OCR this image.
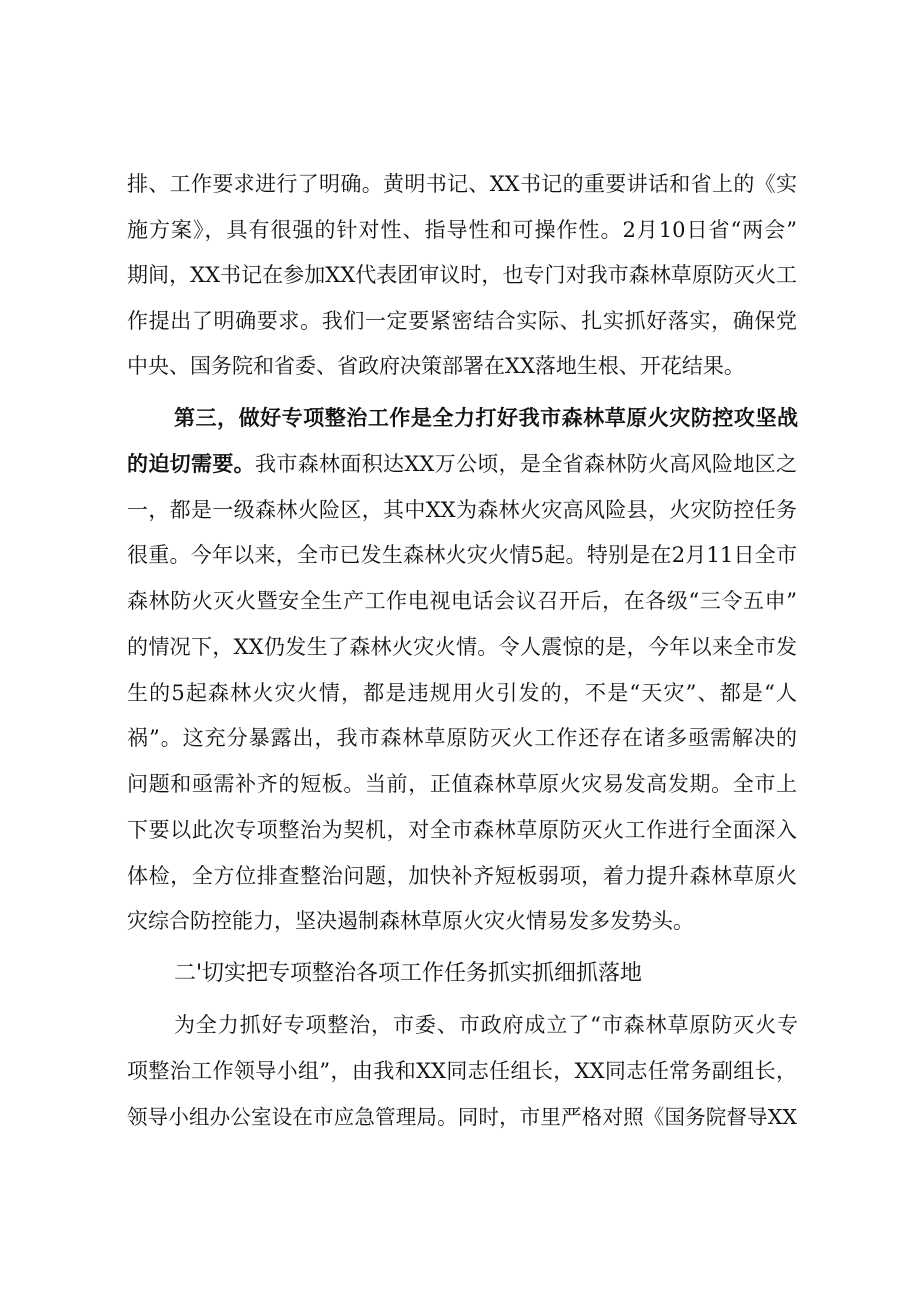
排、工作要求进行了明确。黄明书记、XX书记的重要讲话和省上的《实
施方案》，具有很强的针对性、指导性和可操作性。2月10日省“两会”
期间，XX书记在参加XX代表团审议时，也专门对我市森林草原防灭火工
作提出了明确要求。我们一定要紧密结合实际、扎实抓好落实，确保党
中央、国务院和省委、省政府决策部署在XX落地生根、开花结果。
第三，做好专项整治工作是全力打好我市森林草原火灾防控攻坚战
的迫切需要。我市森林面积达XX万公顷，是全省森林防火高风险地区之
一，都是一级森林火险区，其中XX为森林火灾高风险县，火灾防控任务
很重。今年以来，全市已发生森林火灾火情5起。特别是在2月11日全市
森林防火灭火暨安全生产工作电视电话会议召开后，在各级“三令五申”
的情况下，XX仍发生了森林火灾火情。令人震惊的是，今年以来全市发
生的5起森林火灾火情，都是违规用火引发的，不是“天灾”、都是“人
祸”。这充分暴露出，我市森林草原防灭火工作还存在诸多亟需解决的
问题和亟需补齐的短板。当前，正值森林草原火灾易发高发期。全市上
下要以此次专项整治为契机，对全市森林草原防灭火工作进行全面深入
体检，全方位排查整治问题，加快补齐短板弱项，着力提升森林草原火
灾综合防控能力，坚决遏制森林草原火灾火情易发多发势头。
二'切实把专项整治各项工作任务抓实抓细抓落地
为全力抓好专项整治，市委、市政府成立了“市森林草原防灭火专
项整治工作领导小组”，由我和XX同志任组长，XX同志任常务副组长，
领导小组办公室设在市应急管理局。同时，市里严格对照《国务院督导XX
